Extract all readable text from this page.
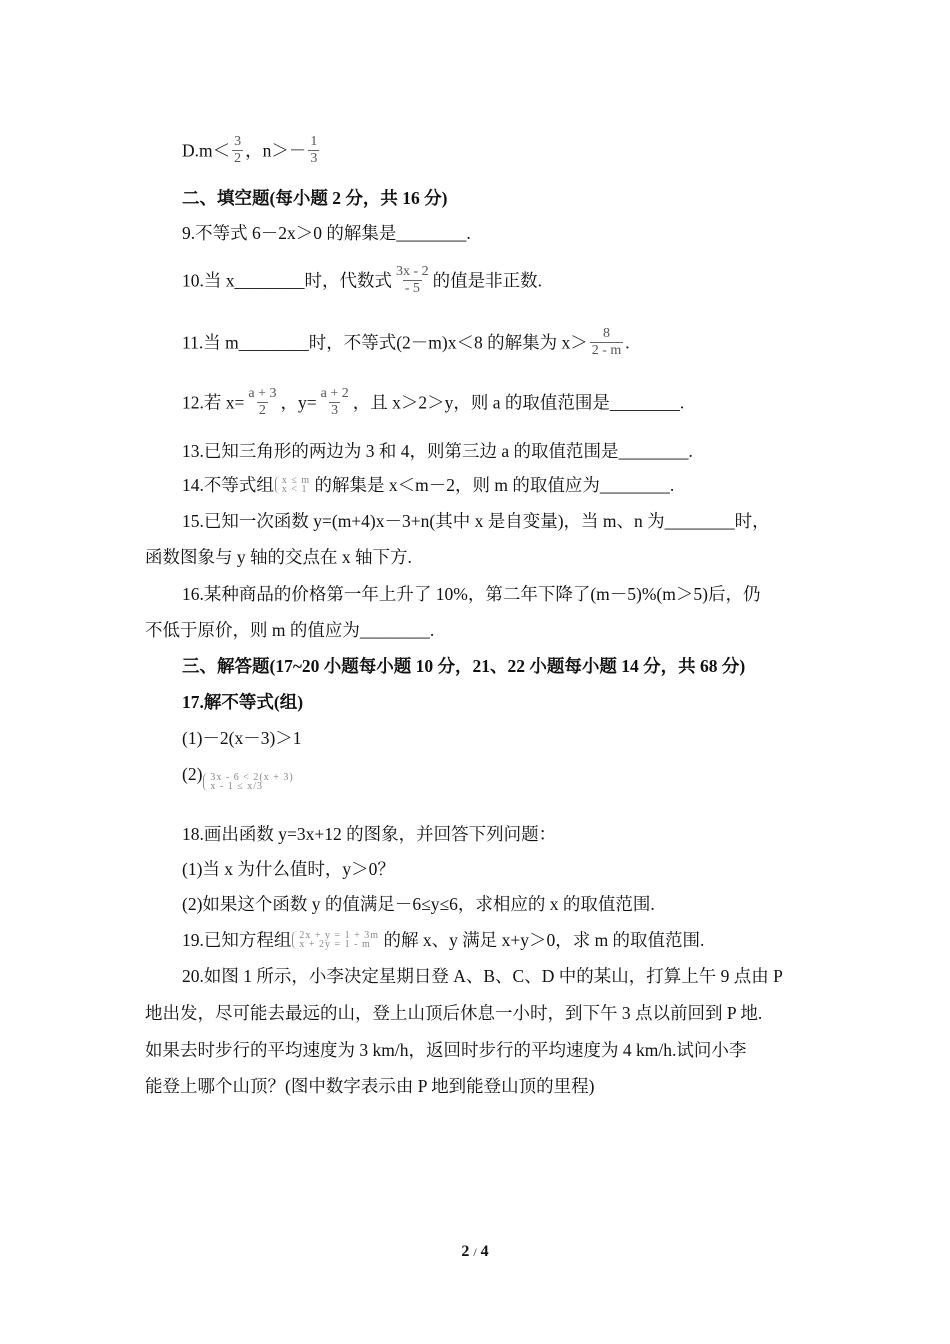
$D.m< \frac{3}{2}$ ，$n>- \frac{1}{3}$
二、填空题(每小题 2 分，共 16 分)
9.不等式 6－2x＞0 的解集是________.
10.当 x________时，代数式 $\frac{3x - 2}{- 5}$ 的值是非正数.
11.当 m________时，不等式(2－m)x＜8 的解集为 $x> \frac{8}{2 - m}$ .
12.若 $x= \frac{a + 3}{2}$ ，$y= \frac{a + 2}{3}$ ，且 x＞2＞y，则 a 的取值范围是________.
13.已知三角形的两边为 3 和 4，则第三边 a 的取值范围是________.
14.不等式组 x ≤ m
x < 1 的解集是 x＜m－2，则 m 的取值应为________.
15.已知一次函数 y=(m+4)x－3+n(其中 x 是自变量)，当 m、n 为________时，
函数图象与 y 轴的交点在 x 轴下方.
16.某种商品的价格第一年上升了 10%，第二年下降了(m－5)%(m＞5)后，仍
不低于原价，则 m 的值应为________.
三、解答题(17~20 小题每小题 10 分，21、22 小题每小题 14 分，共 68 分)
17.解不等式(组)
(1)－2(x－3)＞1
(2) 3x - 6 < 2(x + 3)
x - 1 ≤ x/3
18.画出函数 y=3x+12 的图象，并回答下列问题：
(1)当 x 为什么值时，y＞0？
(2)如果这个函数 y 的值满足－6≤y≤6，求相应的 x 的取值范围.
19.已知方程组 2x + y = 1 + 3m
x + 2y = 1 - m 的解 x、y 满足 x+y＞0，求 m 的取值范围.
20.如图 1 所示，小李决定星期日登 A、B、C、D 中的某山，打算上午 9 点由 P
地出发，尽可能去最远的山，登上山顶后休息一小时，到下午 3 点以前回到 P 地.
如果去时步行的平均速度为 3 km/h，返回时步行的平均速度为 4 km/h.试问小李
能登上哪个山顶？(图中数字表示由 P 地到能登山顶的里程)
2 / 4
